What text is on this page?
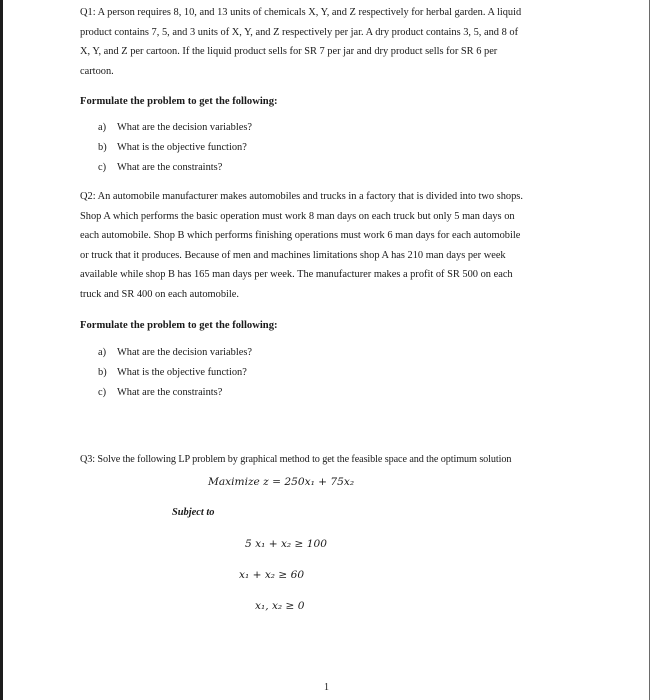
Q1: A person requires 8, 10, and 13 units of chemicals X, Y, and Z respectively for herbal garden. A liquid
product contains 7, 5, and 3 units of X, Y, and Z respectively per jar. A dry product contains 3, 5, and 8 of
X, Y, and Z per cartoon. If the liquid product sells for SR 7 per jar and dry product sells for SR 6 per
cartoon.

Formulate the problem to get the following:

a) What are the decision variables?
b) What is the objective function?
c) What are the constraints?

Q2: An automobile manufacturer makes automobiles and trucks in a factory that is divided into two shops.
Shop A which performs the basic operation must work 8 man days on each truck but only 5 man days on
each automobile. Shop B which performs finishing operations must work 6 man days for each automobile
or truck that it produces. Because of men and machines limitations shop A has 210 man days per week
available while shop B has 165 man days per week. The manufacturer makes a profit of SR 500 on each
truck and SR 400 on each automobile.

Formulate the problem to get the following:

a) What are the decision variables?
b) What is the objective function?
c) What are the constraints?

Q3: Solve the following LP problem by graphical method to get the feasible space and the optimum solution

Maximize z = 250x₁ + 75x₂
Subject to
5 x₁ + x₂ ≥ 100
x₁ + x₂ ≥ 60
x₁, x₂ ≥ 0
1
